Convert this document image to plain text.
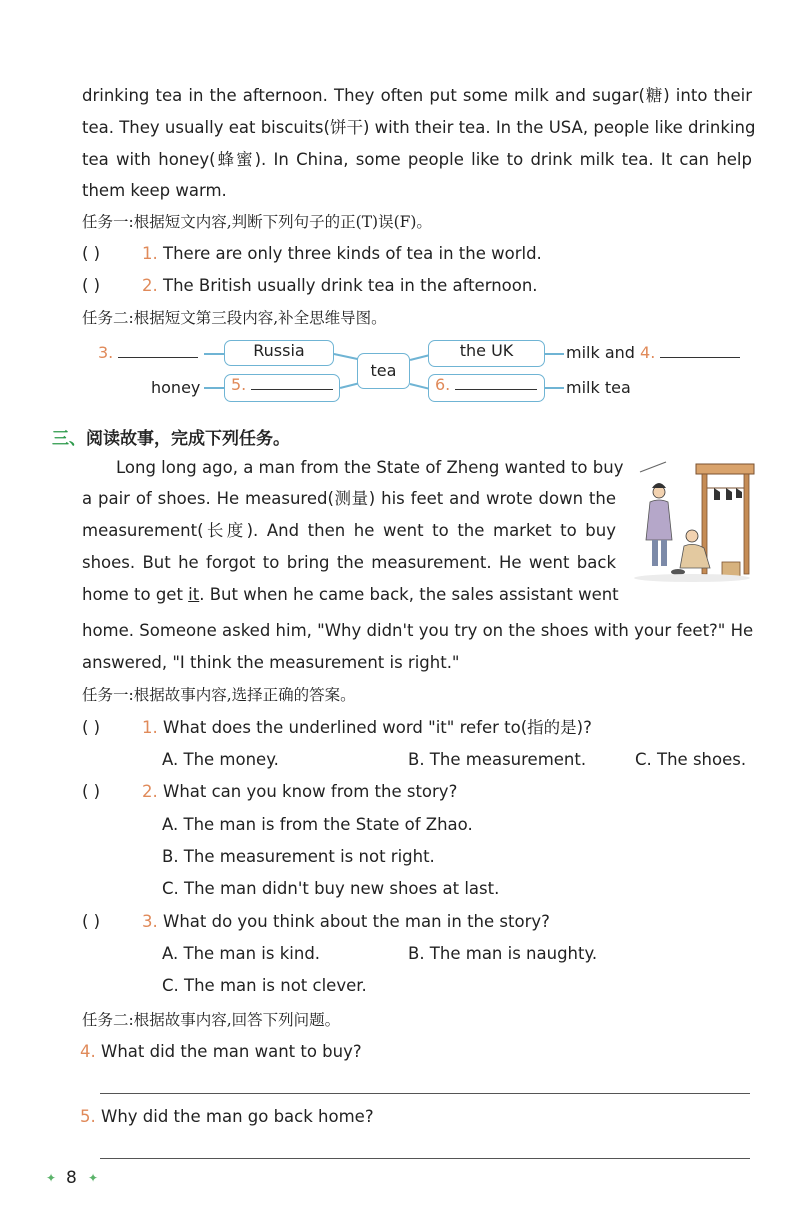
drinking tea in the afternoon. They often put some milk and sugar(糖) into their
tea. They usually eat biscuits(饼干) with their tea. In the USA, people like drinking
tea with honey(蜂蜜). In China, some people like to drink milk tea. It can help
them keep warm.
任务一:根据短文内容,判断下列句子的正(T)误(F)。
( )	1. There are only three kinds of tea in the world.
( )	2. The British usually drink tea in the afternoon.
任务二:根据短文第三段内容,补全思维导图。
3.	Russia
honey	5.
tea
the UK
6.
milk and 4.
milk tea
三、阅读故事，完成下列任务。
Long long ago, a man from the State of Zheng wanted to buy
a pair of shoes. He measured(测量) his feet and wrote down the
measurement(长度). And then he went to the market to buy
shoes. But he forgot to bring the measurement. He went back
home to get it. But when he came back, the sales assistant went
home. Someone asked him, "Why didn't you try on the shoes with your feet?" He
answered, "I think the measurement is right."
任务一:根据故事内容,选择正确的答案。
( )	1. What does the underlined word "it" refer to(指的是)?
A. The money.	B. The measurement.	C. The shoes.
( )	2. What can you know from the story?
A. The man is from the State of Zhao.
B. The measurement is not right.
C. The man didn't buy new shoes at last.
( )	3. What do you think about the man in the story?
A. The man is kind.	B. The man is naughty.
C. The man is not clever.
任务二:根据故事内容,回答下列问题。
4. What did the man want to buy?
5. Why did the man go back home?
✦ 8 ✦
